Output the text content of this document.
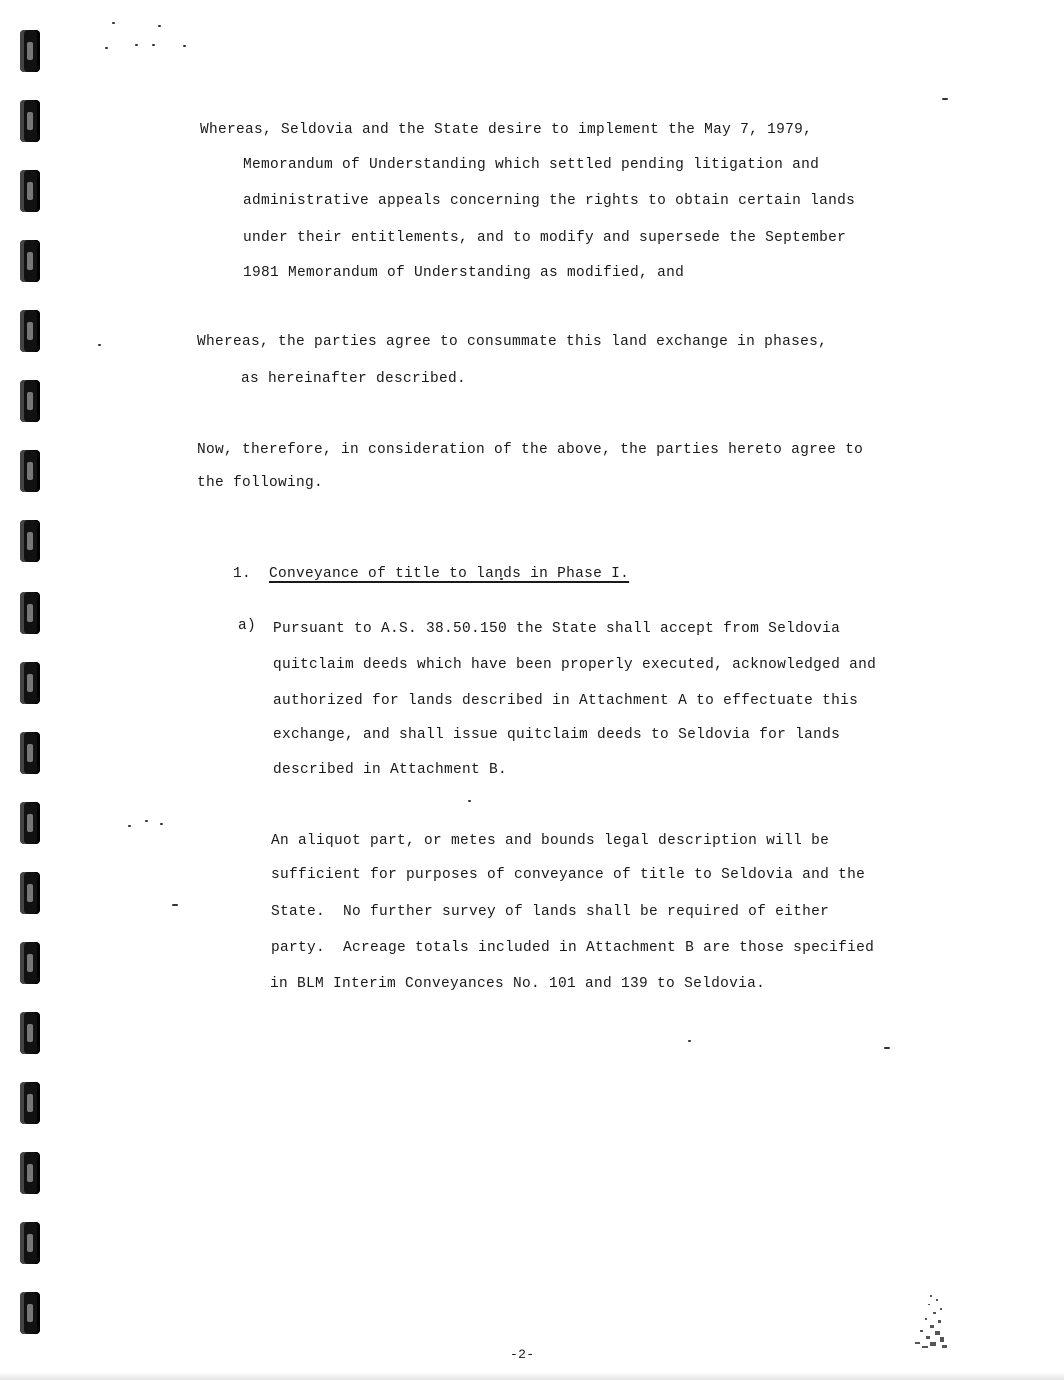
Whereas, Seldovia and the State desire to implement the May 7, 1979,
Memorandum of Understanding which settled pending litigation and
administrative appeals concerning the rights to obtain certain lands
under their entitlements, and to modify and supersede the September
1981 Memorandum of Understanding as modified, and
Whereas, the parties agree to consummate this land exchange in phases,
as hereinafter described.
Now, therefore, in consideration of the above, the parties hereto agree to
the following.

1. Conveyance of title to lands in Phase I.

a) Pursuant to A.S. 38.50.150 the State shall accept from Seldovia
quitclaim deeds which have been properly executed, acknowledged and
authorized for lands described in Attachment A to effectuate this
exchange, and shall issue quitclaim deeds to Seldovia for lands
described in Attachment B.
An aliquot part, or metes and bounds legal description will be
sufficient for purposes of conveyance of title to Seldovia and the
State.  No further survey of lands shall be required of either
party.  Acreage totals included in Attachment B are those specified
in BLM Interim Conveyances No. 101 and 139 to Seldovia.
-2-
